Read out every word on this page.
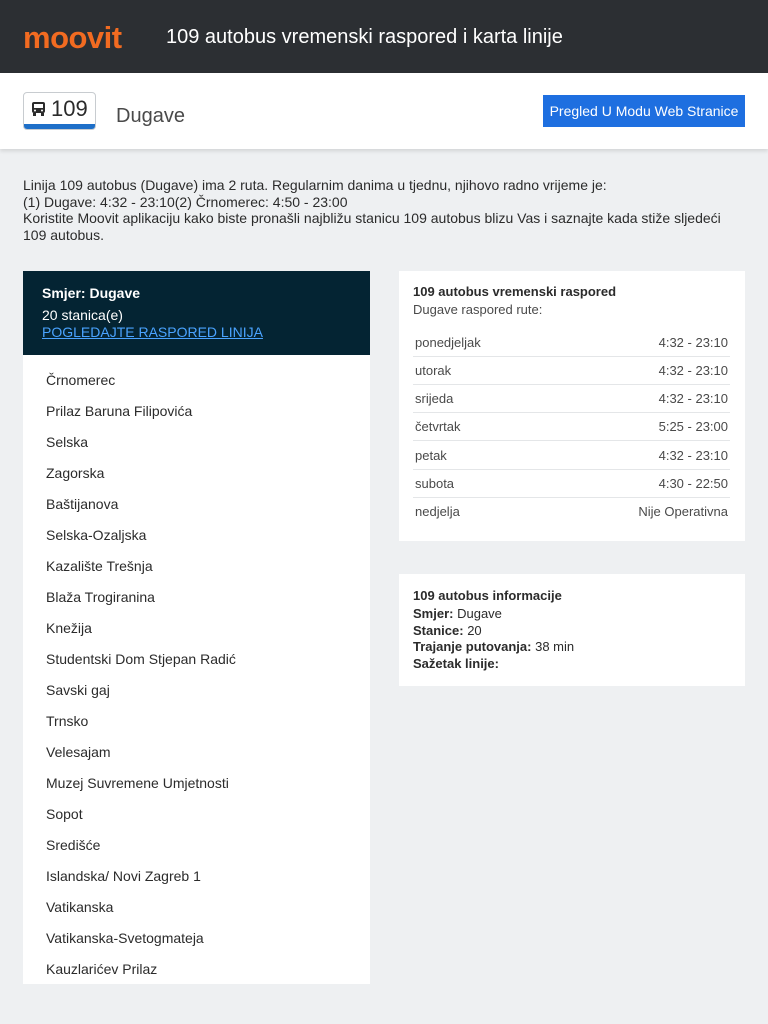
moovit 109 autobus vremenski raspored i karta linije
109 Dugave	Pregled U Modu Web Stranice
Linija 109 autobus (Dugave) ima 2 ruta. Regularnim danima u tjednu, njihovo radno vrijeme je:
(1) Dugave: 4:32 - 23:10(2) Črnomerec: 4:50 - 23:00
Koristite Moovit aplikaciju kako biste pronašli najbližu stanicu 109 autobus blizu Vas i saznajte kada stiže sljedeći 109 autobus.
Smjer: Dugave
20 stanica(e)
POGLEDAJTE RASPORED LINIJA
Črnomerec
Prilaz Baruna Filipovića
Selska
Zagorska
Baštijanova
Selska-Ozaljska
Kazalište Trešnja
Blaža Trogiranina
Knežija
Studentski Dom Stjepan Radić
Savski gaj
Trnsko
Velesajam
Muzej Suvremene Umjetnosti
Sopot
Središće
Islandska/ Novi Zagreb 1
Vatikanska
Vatikanska-Svetogmateja
Kauzlarićev Prilaz
109 autobus vremenski raspored
Dugave raspored rute:
ponedjeljak	4:32 - 23:10
utorak	4:32 - 23:10
srijeda	4:32 - 23:10
četvrtak	5:25 - 23:00
petak	4:32 - 23:10
subota	4:30 - 22:50
nedjelja	Nije Operativna
109 autobus informacije
Smjer: Dugave
Stanice: 20
Trajanje putovanja: 38 min
Sažetak linije:
